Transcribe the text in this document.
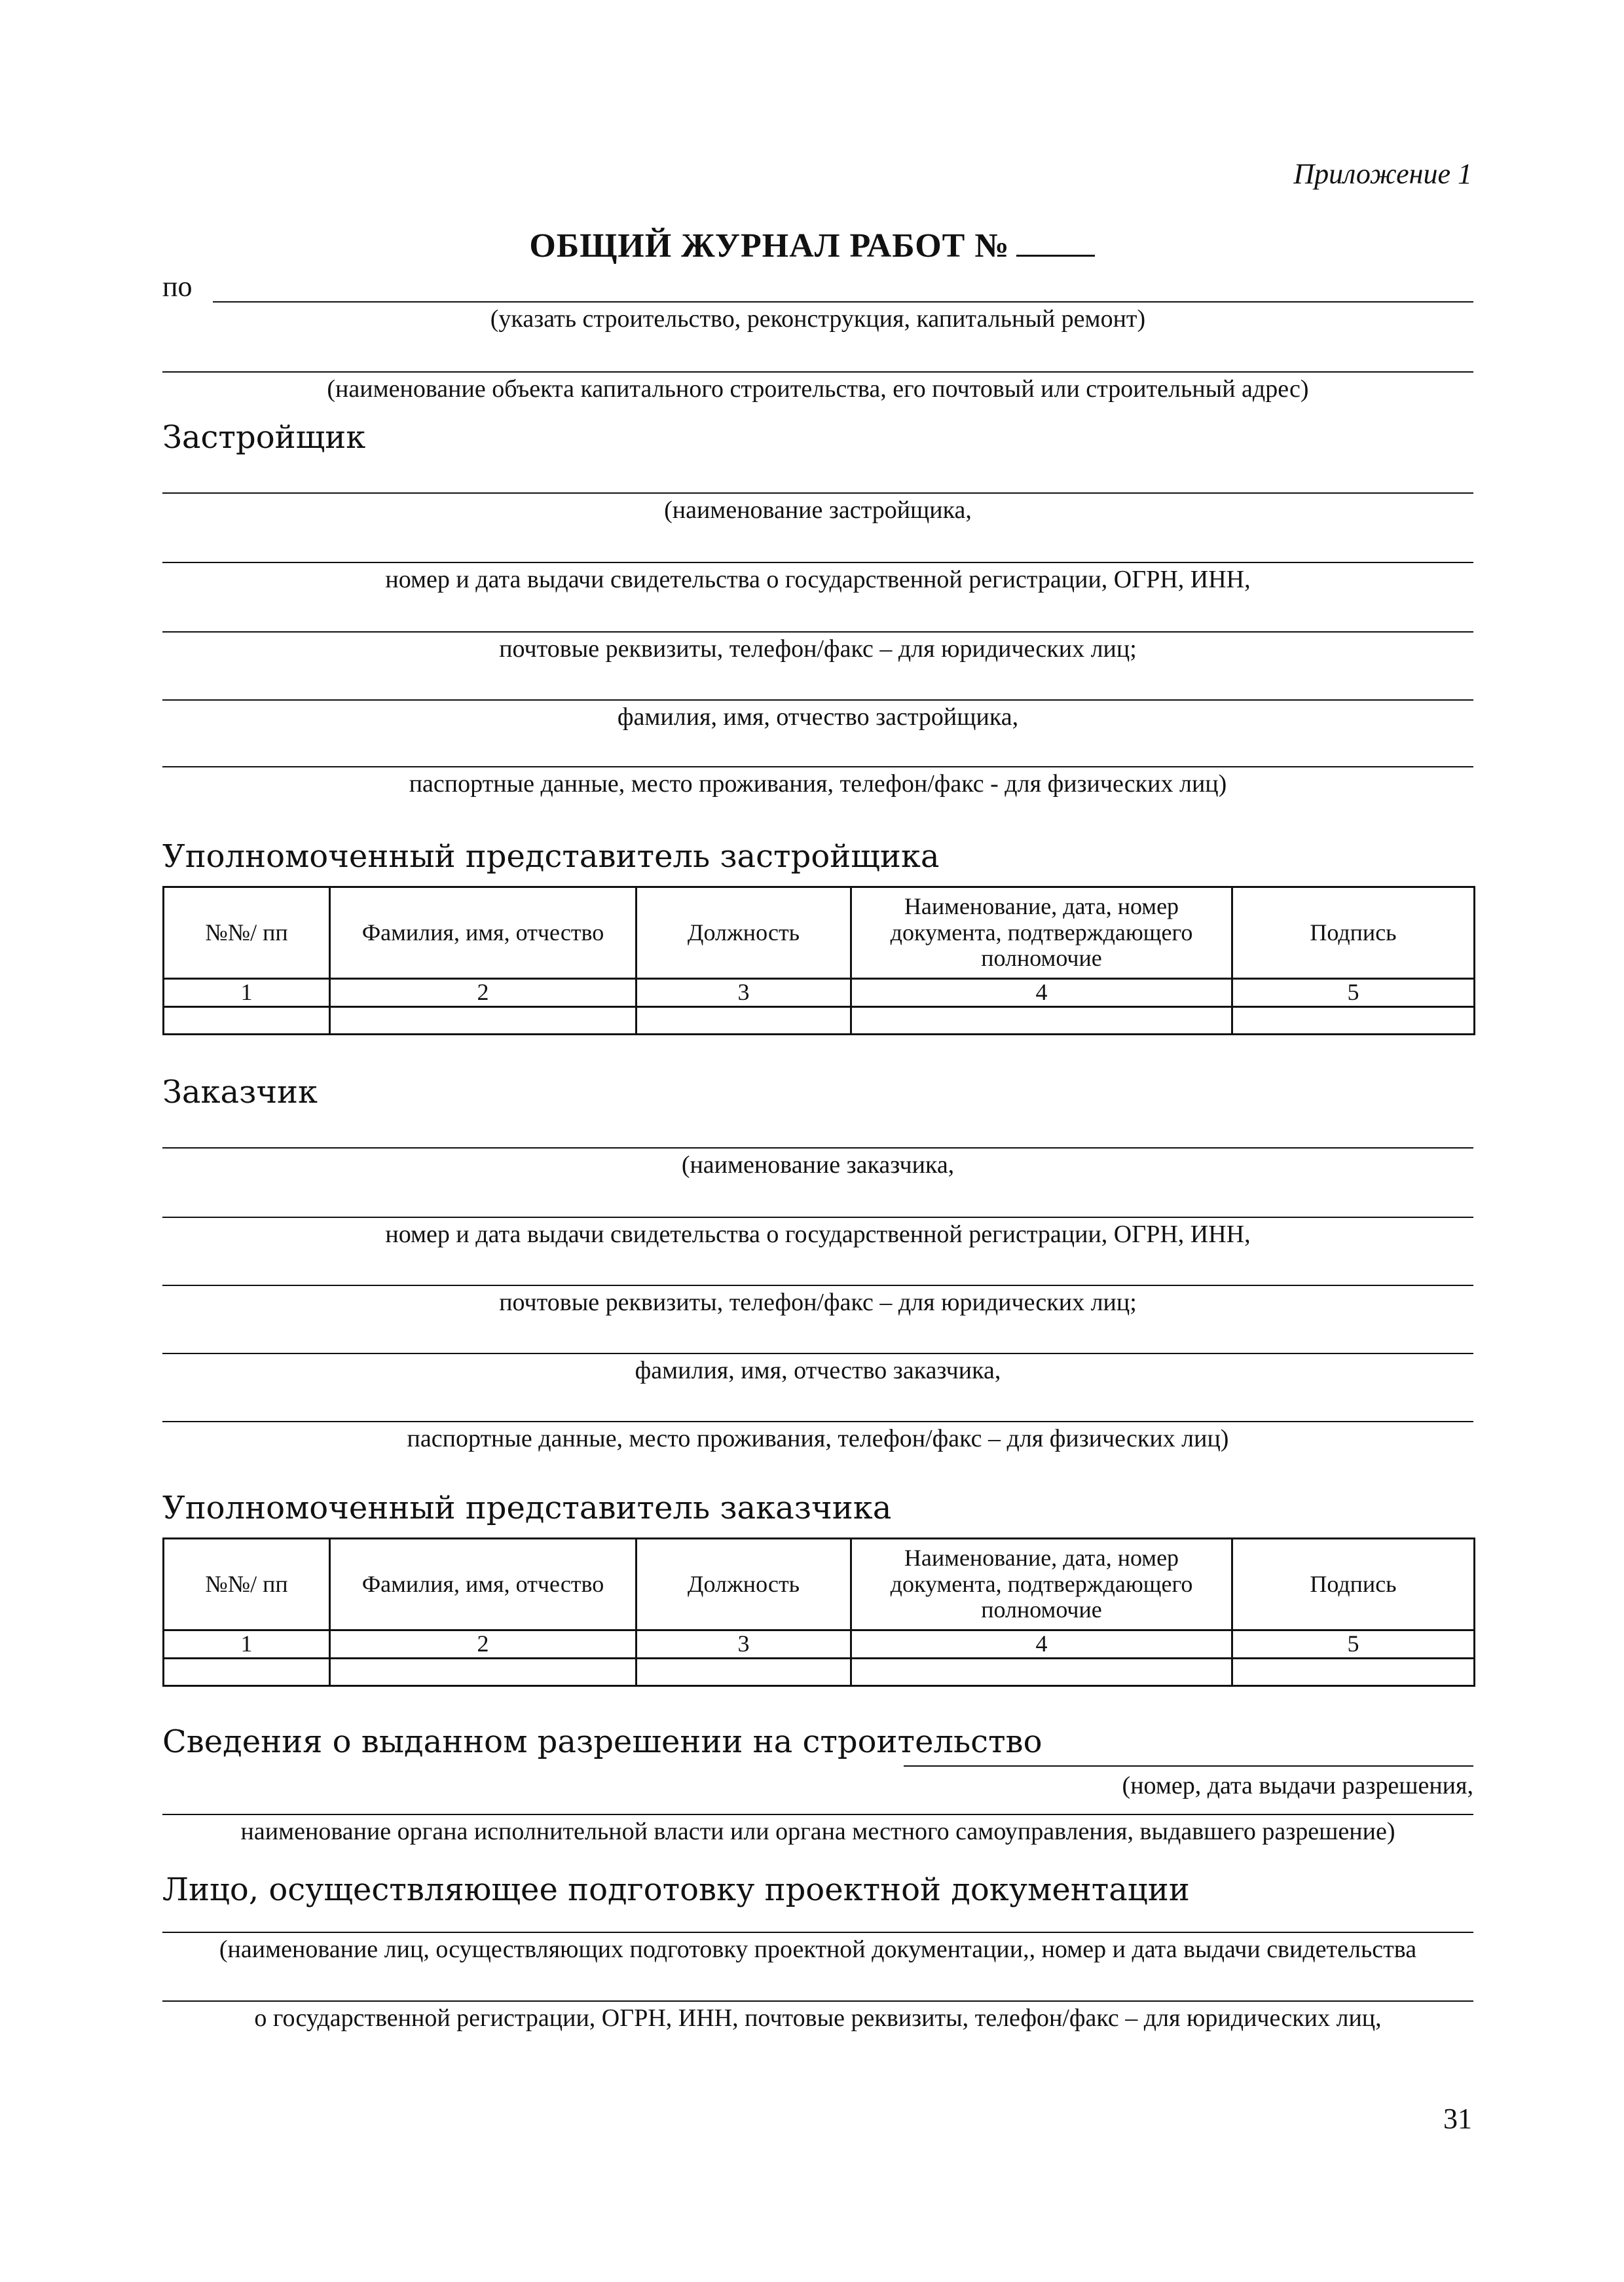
Приложение 1
ОБЩИЙ ЖУРНАЛ РАБОТ №
по
(указать строительство, реконструкция, капитальный ремонт)
(наименование объекта капитального строительства, его почтовый или строительный адрес)
Застройщик
(наименование застройщика,
номер и дата выдачи свидетельства о государственной регистрации, ОГРН, ИНН,
почтовые реквизиты, телефон/факс – для юридических лиц;
фамилия, имя, отчество застройщика,
паспортные данные, место проживания, телефон/факс - для физических лиц)
Уполномоченный представитель застройщика
№№/ пп	Фамилия, имя, отчество	Должность	Наименование, дата, номер документа, подтверждающего полномочие	Подпись
1	2	3	4	5

Заказчик
(наименование заказчика,
номер и дата выдачи свидетельства о государственной регистрации, ОГРН, ИНН,
почтовые реквизиты, телефон/факс – для юридических лиц;
фамилия, имя, отчество заказчика,
паспортные данные, место проживания, телефон/факс – для физических лиц)
Уполномоченный представитель заказчика
№№/ пп	Фамилия, имя, отчество	Должность	Наименование, дата, номер документа, подтверждающего полномочие	Подпись
1	2	3	4	5

Сведения о выданном разрешении на строительство
(номер, дата выдачи разрешения,
наименование органа исполнительной власти или органа местного самоуправления, выдавшего разрешение)
Лицо, осуществляющее подготовку проектной документации
(наименование лиц, осуществляющих подготовку проектной документации,, номер и дата выдачи свидетельства
о государственной регистрации, ОГРН, ИНН, почтовые реквизиты, телефон/факс – для юридических лиц,
31
